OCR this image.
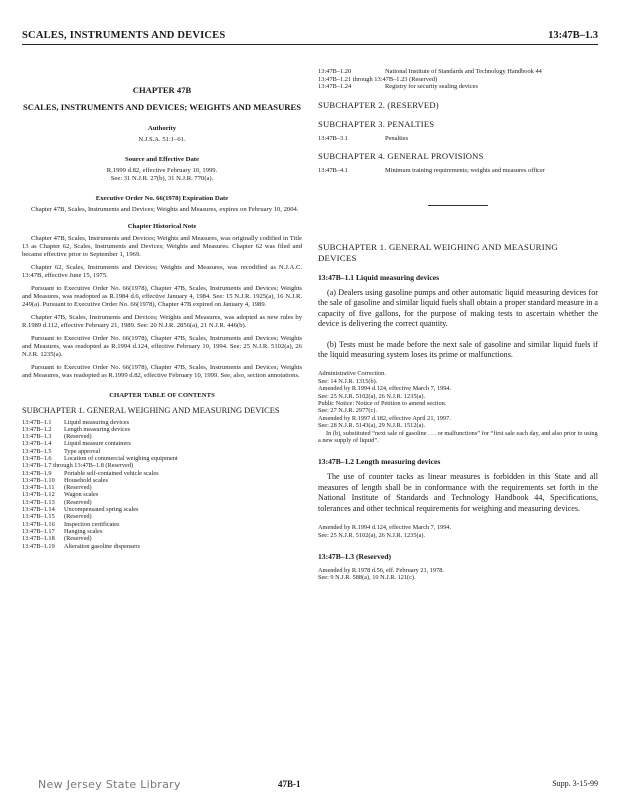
SCALES, INSTRUMENTS AND DEVICES	13:47B–1.3
CHAPTER 47B
SCALES, INSTRUMENTS AND DEVICES; WEIGHTS AND MEASURES
Authority
N.J.S.A. 51:1–61.
Source and Effective Date
R.1999 d.82, effective February 10, 1999.
See: 31 N.J.R. 27(b), 31 N.J.R. 770(a).
Executive Order No. 66(1978) Expiration Date

Chapter 47B, Scales, Instruments and Devices; Weights and Measures, expires on February 10, 2004.

Chapter Historical Note

Chapter 47B, Scales, Instruments and Devices; Weights and Measures, was originally codified in Title 13 as Chapter 62, Scales, Instruments and Devices; Weights and Measures. Chapter 62 was filed and became effective prior to September 1, 1969.

Chapter 62, Scales, Instruments and Devices; Weights and Measures, was recodified as N.J.A.C. 13:47B, effective June 15, 1975.

Pursuant to Executive Order No. 66(1978), Chapter 47B, Scales, Instruments and Devices; Weights and Measures, was readopted as R.1984 d.6, effective January 4, 1984. See: 15 N.J.R. 1925(a), 16 N.J.R. 249(a). Pursuant to Executive Order No. 66(1978), Chapter 47B expired on January 4, 1989.

Chapter 47B, Scales, Instruments and Devices; Weights and Measures, was adopted as new rules by R.1989 d.112, effective February 21, 1989. See: 20 N.J.R. 2856(a), 21 N.J.R. 446(b).

Pursuant to Executive Order No. 66(1978), Chapter 47B, Scales, Instruments and Devices; Weights and Measures, was readopted as R.1994 d.124, effective February 10, 1994. See: 25 N.J.R. 5102(a), 26 N.J.R. 1235(a).

Pursuant to Executive Order No. 66(1978), Chapter 47B, Scales, Instruments and Devices; Weights and Measures, was readopted as R.1999 d.82, effective February 10, 1999. See, also, section annotations.

CHAPTER TABLE OF CONTENTS
SUBCHAPTER 1. GENERAL WEIGHING AND MEASURING DEVICES
13:47B–1.1	Liquid measuring devices
13:47B–1.2	Length measuring devices
13:47B–1.3	(Reserved)
13:47B–1.4	Liquid measure containers
13:47B–1.5	Type approval
13:47B–1.6	Location of commercial weighing equipment
13:47B–1.7 through 13:47B–1.8 (Reserved)
13:47B–1.9	Portable self-contained vehicle scales
13:47B–1.10	Household scales
13:47B–1.11	(Reserved)
13:47B–1.12	Wagon scales
13:47B–1.13	(Reserved)
13:47B–1.14	Uncompensated spring scales
13:47B–1.15	(Reserved)
13:47B–1.16	Inspection certificates
13:47B–1.17	Hanging scales
13:47B–1.18	(Reserved)
13:47B–1.19	Alteration gasoline dispensers
13:47B–1.20	National Institute of Standards and Technology Handbook 44
13:47B–1.21 through 13:47B–1.23 (Reserved)
13:47B–1.24	Registry for security sealing devices
SUBCHAPTER 2. (RESERVED)
SUBCHAPTER 3. PENALTIES
13:47B–3.1	Penalties
SUBCHAPTER 4. GENERAL PROVISIONS
13:47B–4.1	Minimum training requirements; weights and measures officer
SUBCHAPTER 1. GENERAL WEIGHING AND MEASURING DEVICES
13:47B–1.1 Liquid measuring devices

(a) Dealers using gasoline pumps and other automatic liquid measuring devices for the sale of gasoline and similar liquid fuels shall obtain a proper standard measure in a capacity of five gallons, for the purpose of making tests to ascertain whether the device is delivering the correct quantity.

(b) Tests must be made before the next sale of gasoline and similar liquid fuels if the liquid measuring system loses its prime or malfunctions.

Administrative Correction.
See: 14 N.J.R. 1315(b).
Amended by R.1994 d.124, effective March 7, 1994.
See: 25 N.J.R. 5102(a), 26 N.J.R. 1235(a).
Public Notice: Notice of Petition to amend section.
See: 27 N.J.R. 2977(c).
Amended by R.1997 d.182, effective April 21, 1997.
See: 28 N.J.R. 5143(a), 29 N.J.R. 1512(a).
In (b), substituted “next sale of gasoline . . . or malfunctions” for “first sale each day, and also prior to using a new supply of liquid”.
13:47B–1.2 Length measuring devices

The use of counter tacks as linear measures is forbidden in this State and all measures of length shall be in conformance with the requirements set forth in the National Institute of Standards and Technology Handbook 44, Specifications, tolerances and other technical requirements for weighing and measuring devices.

Amended by R.1994 d.124, effective March 7, 1994.
See: 25 N.J.R. 5102(a), 26 N.J.R. 1235(a).
13:47B–1.3 (Reserved)
Amended by R.1978 d.56, eff. February 21, 1978.
See: 9 N.J.R. 588(a), 10 N.J.R. 121(c).
New Jersey State Library	47B-1	Supp. 3-15-99
